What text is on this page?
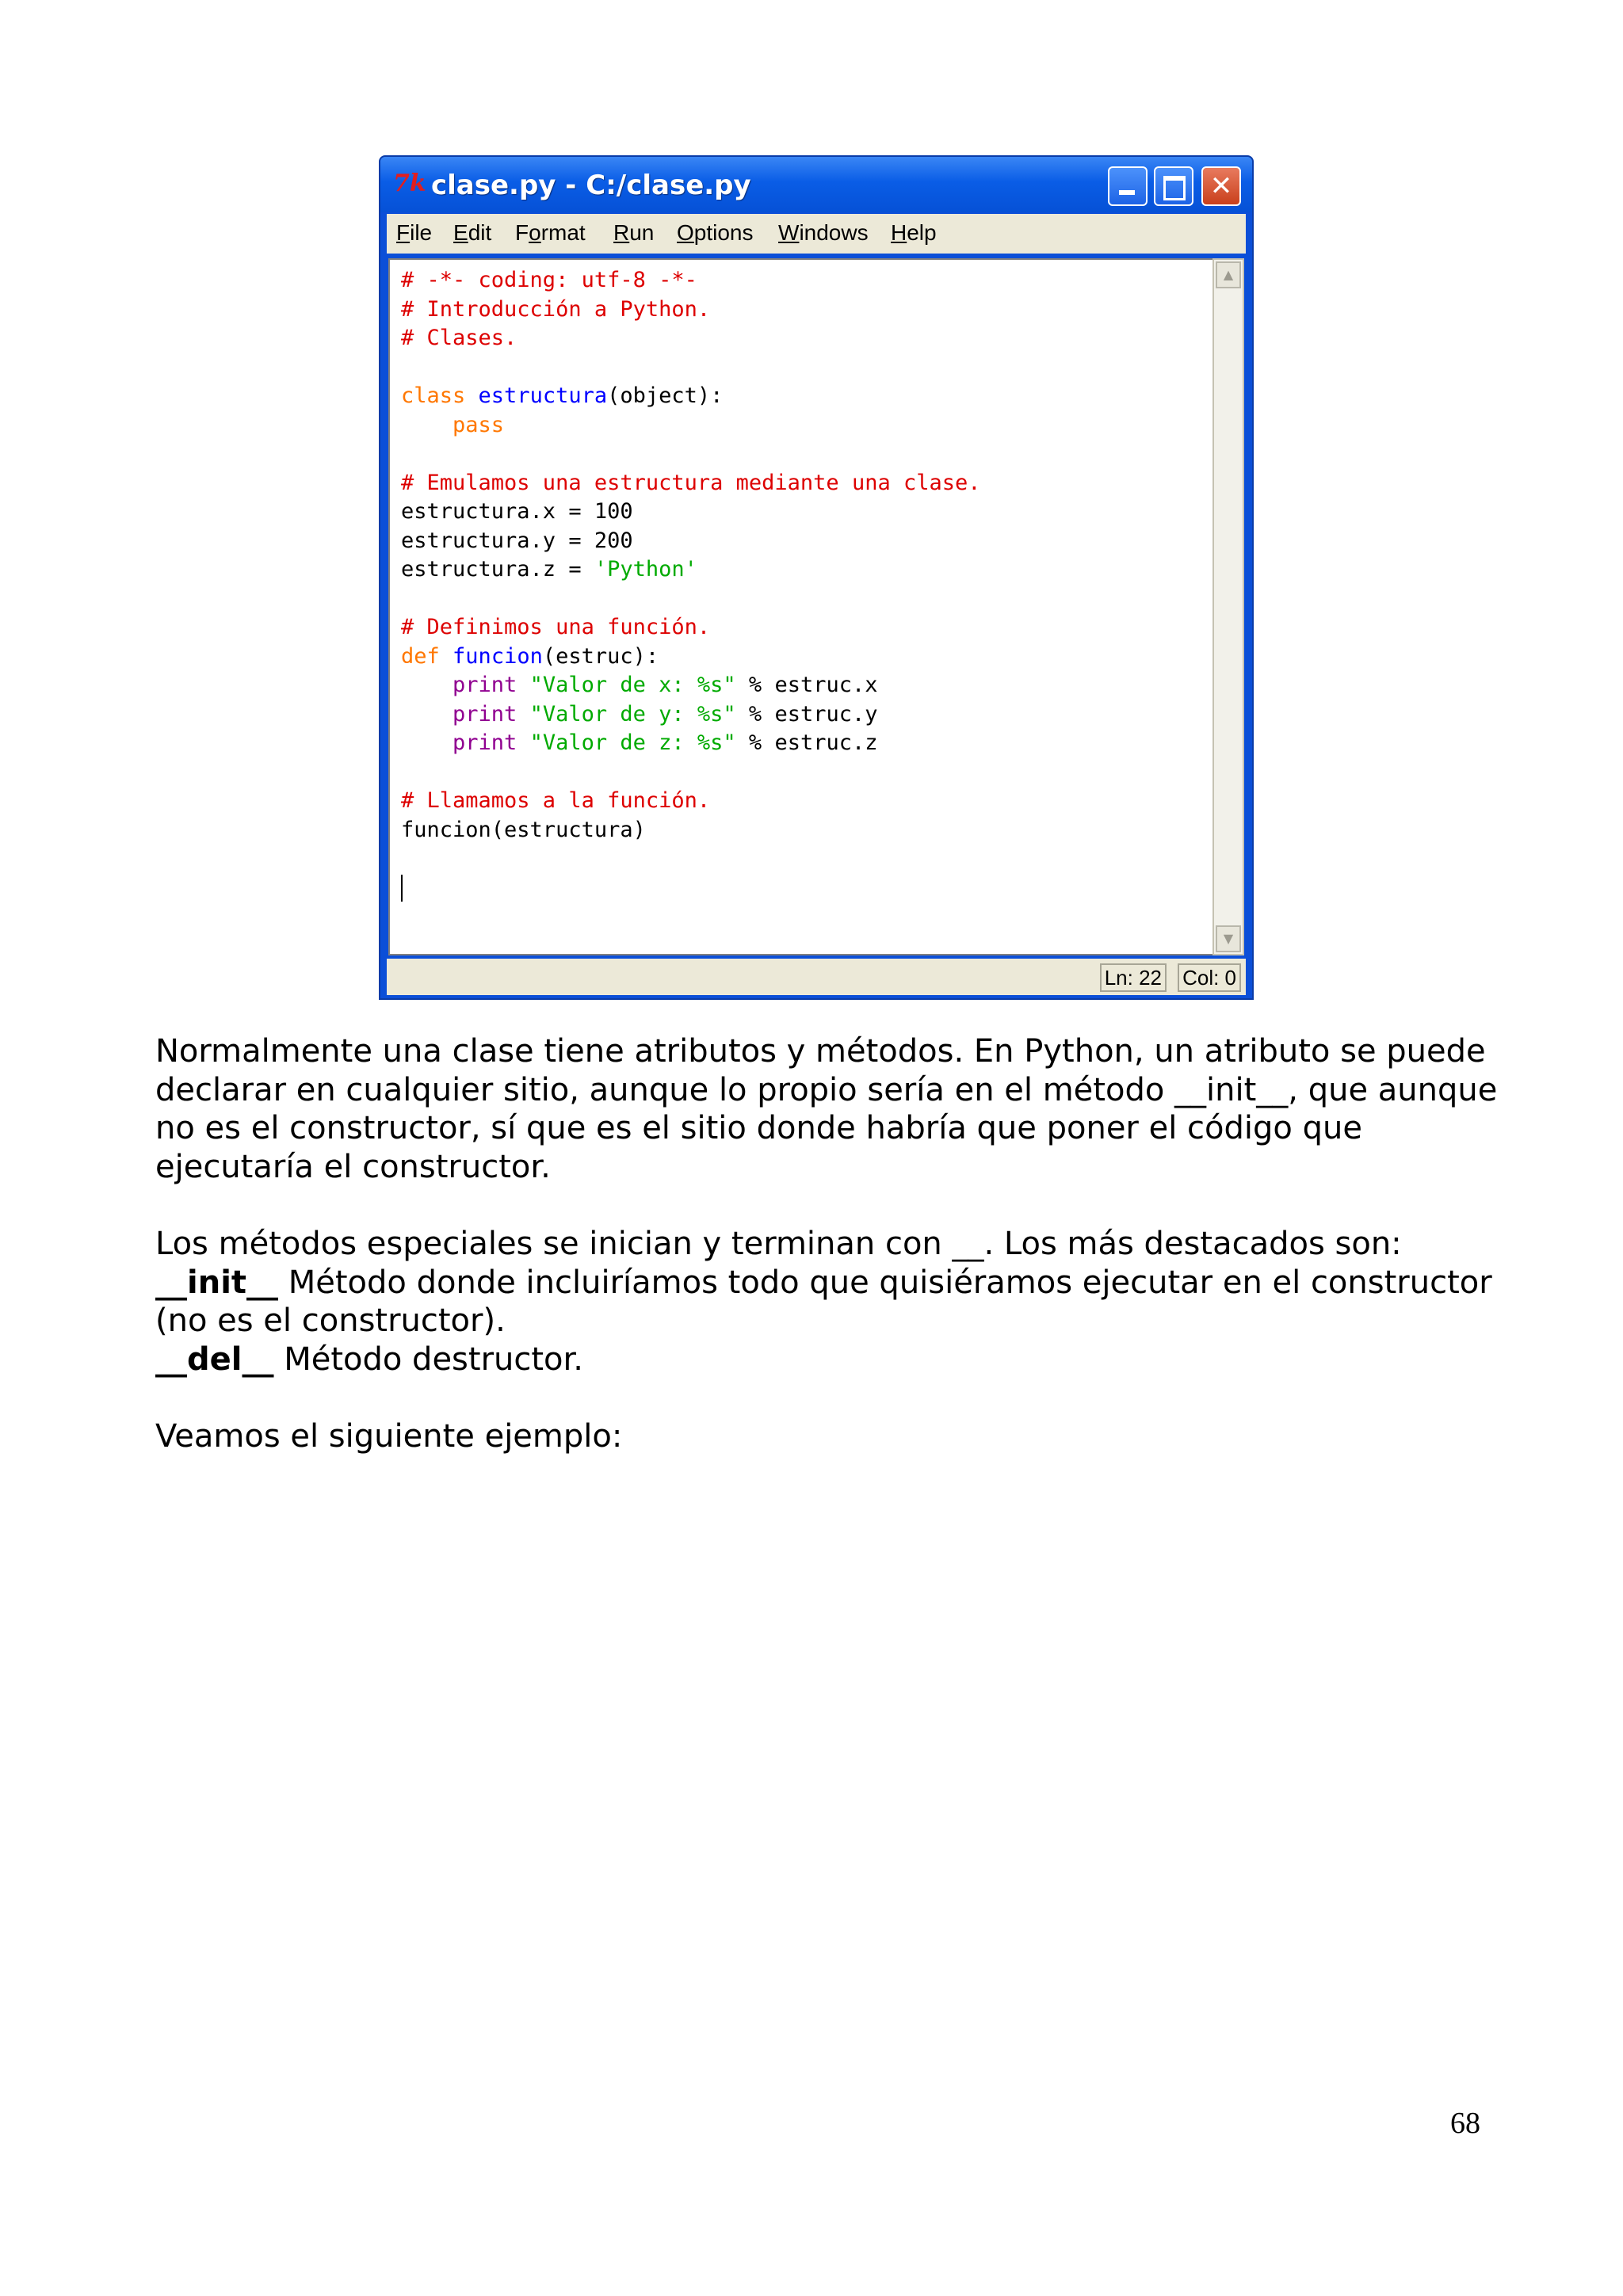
7k clase.py - C:/clase.py	✕
File Edit Format Run Options Windows Help
# -*- coding: utf-8 -*-
# Introducción a Python.
# Clases.

class estructura(object):
pass

# Emulamos una estructura mediante una clase.
estructura.x = 100
estructura.y = 200
estructura.z = 'Python'

# Definimos una función.
def funcion(estruc):
print "Valor de x: %s" % estruc.x
print "Valor de y: %s" % estruc.y
print "Valor de z: %s" % estruc.z

# Llamamos a la función.
funcion(estructura)

▲
▼
Ln: 22 Col: 0

Normalmente una clase tiene atributos y métodos. En Python, un atributo se puede declarar en cualquier sitio, aunque lo propio sería en el método __init__, que aunque no es el constructor, sí que es el sitio donde habría que poner el código que ejecutaría el constructor.

Los métodos especiales se inician y terminan con __. Los más destacados son:
__init__ Método donde incluiríamos todo que quisiéramos ejecutar en el constructor (no es el constructor).
__del__ Método destructor.

Veamos el siguiente ejemplo:

68
